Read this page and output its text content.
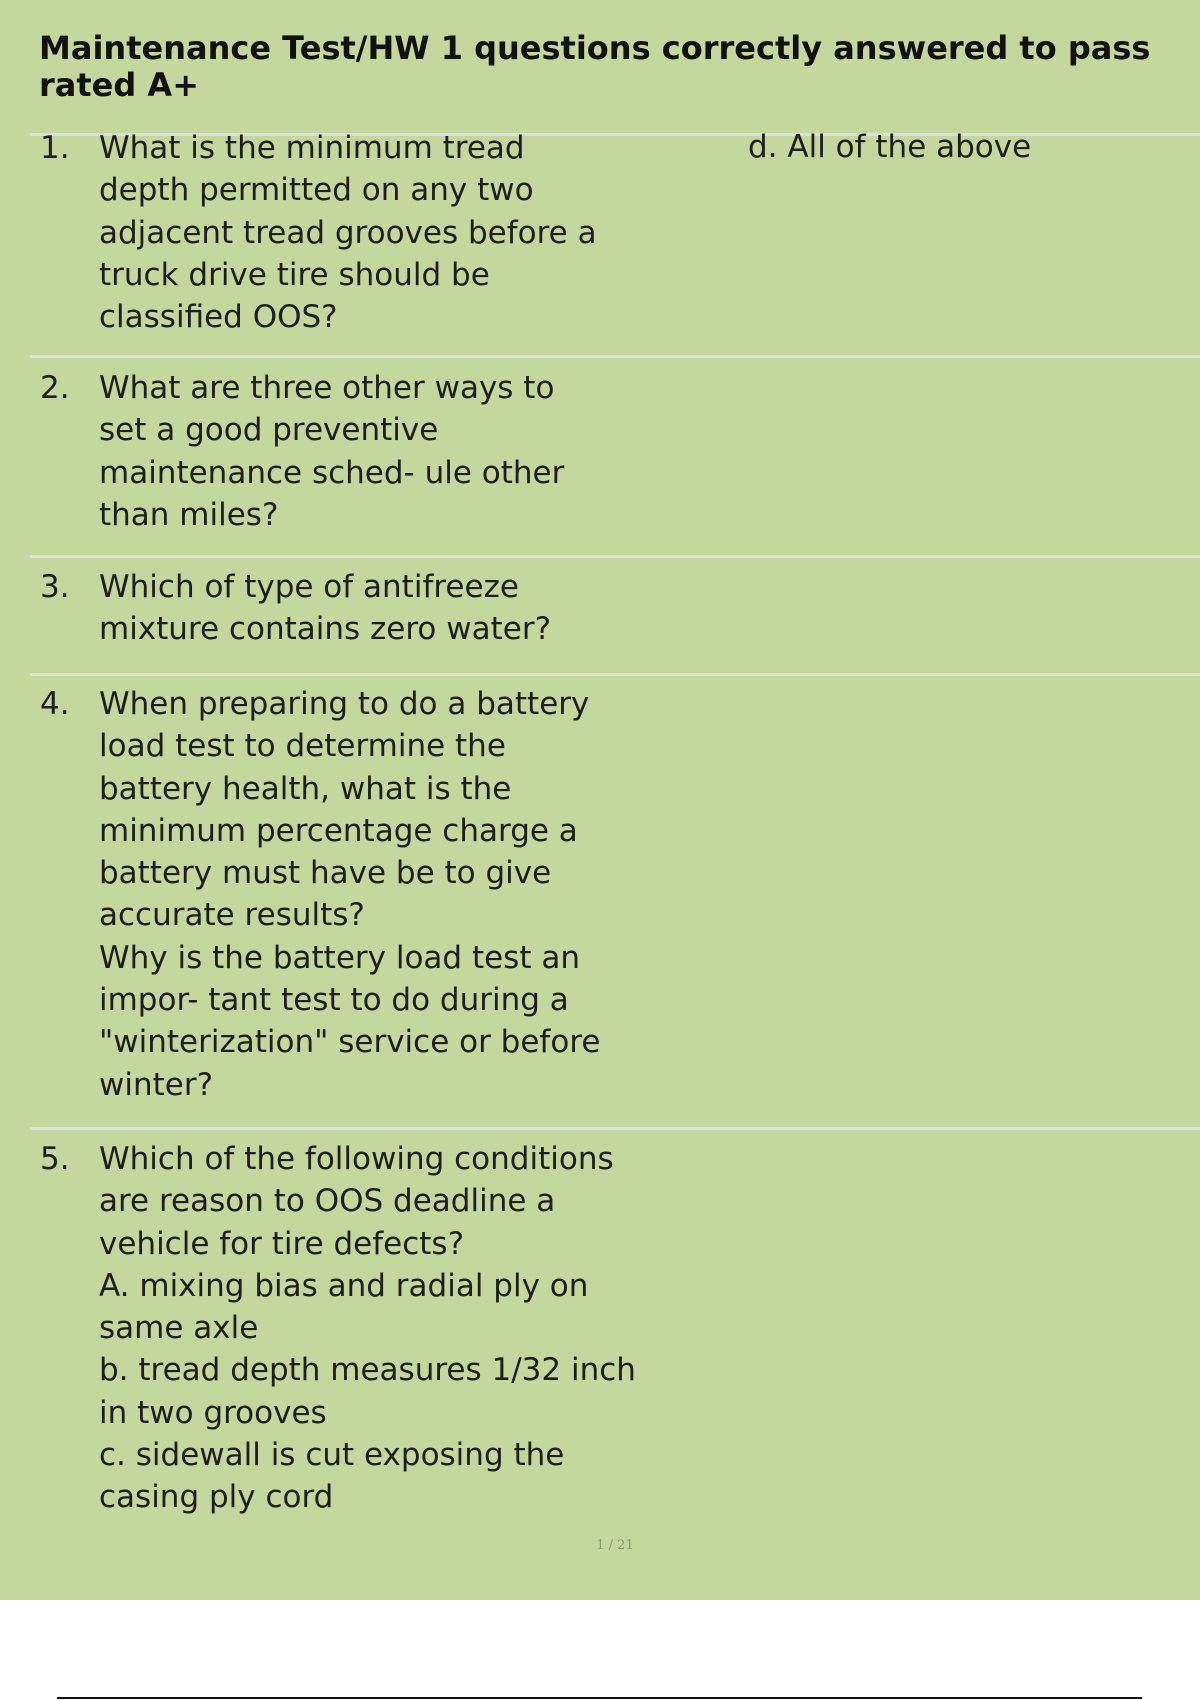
Maintenance Test/HW 1 questions correctly answered to pass rated A+
1. What is the minimum tread
depth permitted on any two
adjacent tread grooves before a
truck drive tire should be
classified OOS?
d. All of the above
2. What are three other ways to
set a good preventive
maintenance sched- ule other
than miles?
3. Which of type of antifreeze
mixture contains zero water?
4. When preparing to do a battery
load test to determine the
battery health, what is the
minimum percentage charge a
battery must have be to give
accurate results?
Why is the battery load test an
impor- tant test to do during a
"winterization" service or before
winter?
5. Which of the following conditions
are reason to OOS deadline a
vehicle for tire defects?
A. mixing bias and radial ply on
same axle
b. tread depth measures 1/32 inch
in two grooves
c. sidewall is cut exposing the
casing ply cord
1 / 21
